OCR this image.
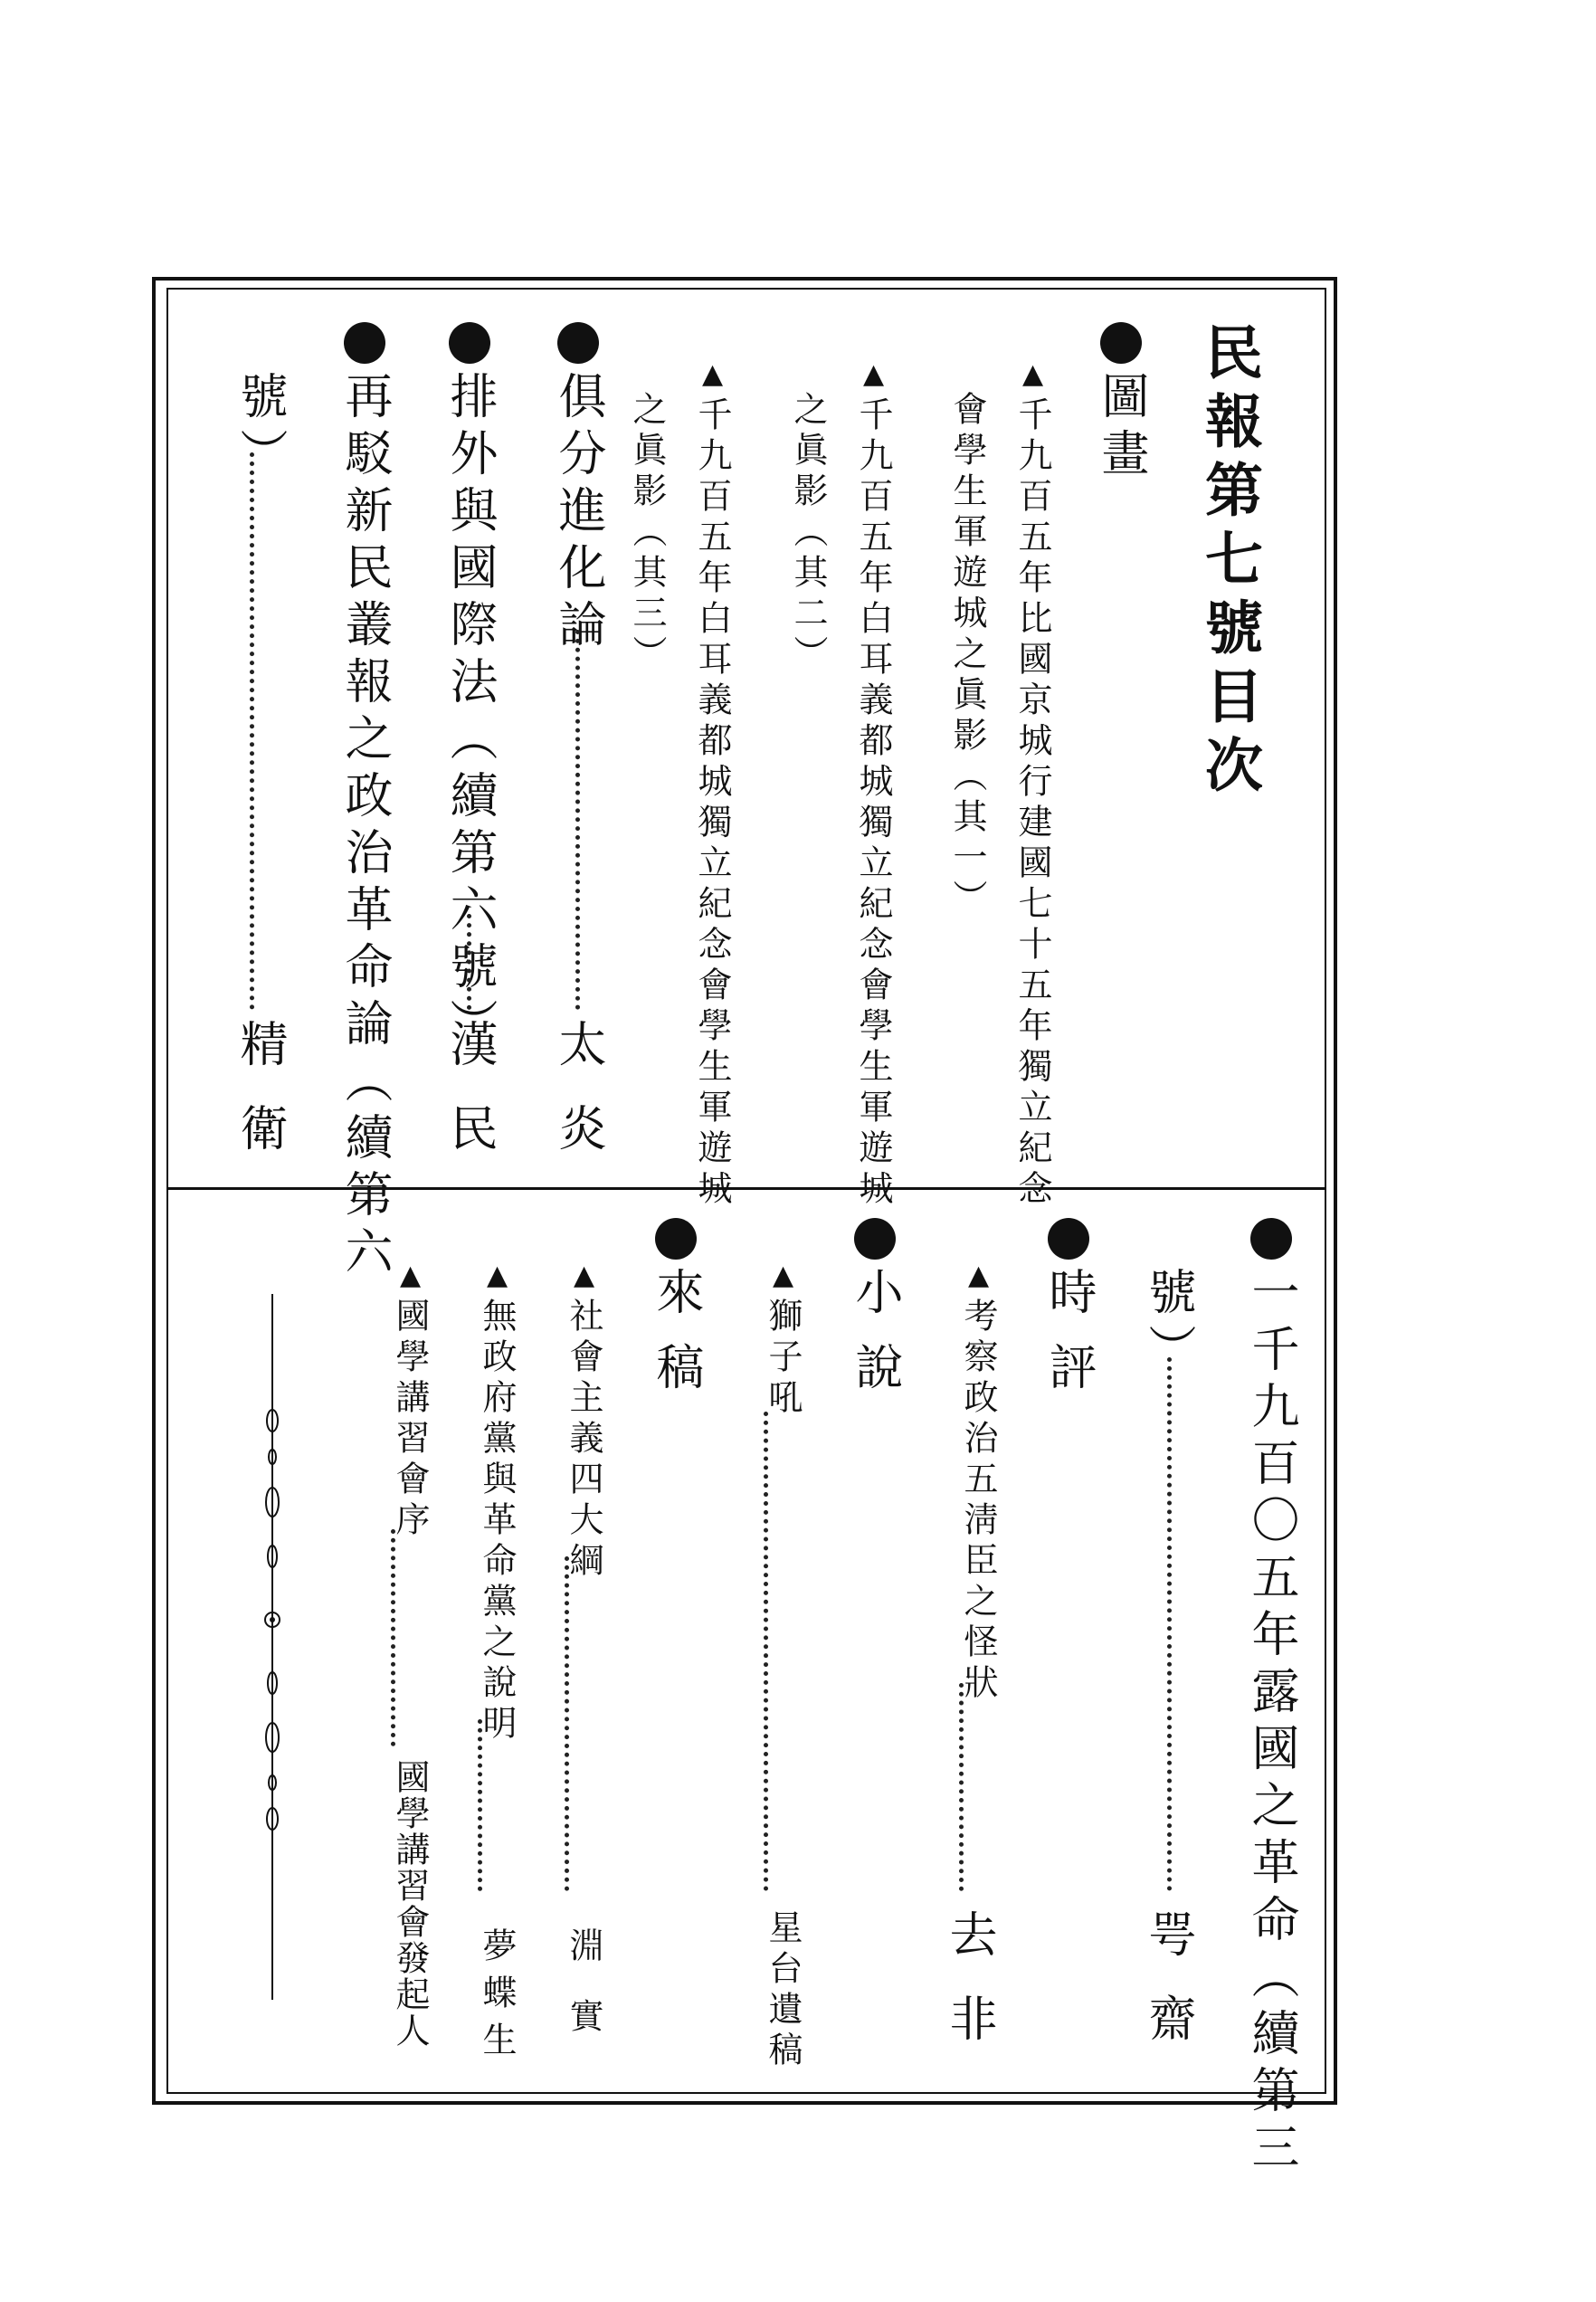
民報第七號目次
圖畫
▲千九百五年比國京城行建國七十五年獨立紀念
會學生軍遊城之眞影（其一）
▲千九百五年白耳義都城獨立紀念會學生軍遊城
之眞影（其二）
▲千九百五年白耳義都城獨立紀念會學生軍遊城
之眞影（其三）
俱分進化論
太炎
排外與國際法（續第六號）
漢民
再駁新民叢報之政治革命論（續第六
號）
精衛
一千九百〇五年露國之革命（續第三
號）
咢齋
時評
▲考察政治五淸臣之怪狀
去非
小說
▲獅子吼
星台遺稿
來稿
▲社會主義四大綱
淵實
▲無政府黨與革命黨之說明
夢蝶生
▲國學講習會序
國學講習會發起人
